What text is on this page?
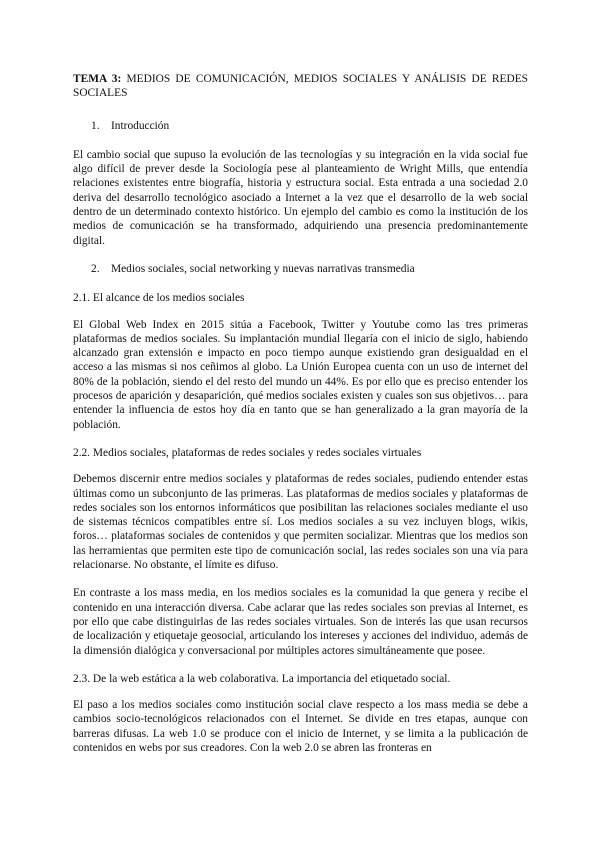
TEMA 3: MEDIOS DE COMUNICACIÓN, MEDIOS SOCIALES Y ANÁLISIS DE REDES SOCIALES
1.	Introducción

El cambio social que supuso la evolución de las tecnologías y su integración en la vida social fue algo difícil de prever desde la Sociología pese al planteamiento de Wright Mills, que entendía relaciones existentes entre biografía, historia y estructura social. Esta entrada a una sociedad 2.0 deriva del desarrollo tecnológico asociado a Internet a la vez que el desarrollo de la web social dentro de un determinado contexto histórico. Un ejemplo del cambio es como la institución de los medios de comunicación se ha transformado, adquiriendo una presencia predominantemente digital.

2.	Medios sociales, social networking y nuevas narrativas transmedia
2.1. El alcance de los medios sociales

El Global Web Index en 2015 sitúa a Facebook, Twitter y Youtube como las tres primeras plataformas de medios sociales. Su implantación mundial llegaría con el inicio de siglo, habiendo alcanzado gran extensión e impacto en poco tiempo aunque existiendo gran desigualdad en el acceso a las mismas si nos ceñimos al globo. La Unión Europea cuenta con un uso de internet del 80% de la población, siendo el del resto del mundo un 44%. Es por ello que es preciso entender los procesos de aparición y desaparición, qué medios sociales existen y cuales son sus objetivos… para entender la influencia de estos hoy día en tanto que se han generalizado a la gran mayoría de la población.

2.2. Medios sociales, plataformas de redes sociales y redes sociales virtuales

Debemos discernir entre medios sociales y plataformas de redes sociales, pudiendo entender estas últimas como un subconjunto de las primeras. Las plataformas de medios sociales y plataformas de redes sociales son los entornos informáticos que posibilitan las relaciones sociales mediante el uso de sistemas técnicos compatibles entre sí. Los medios sociales a su vez incluyen blogs, wikis, foros… plataformas sociales de contenidos y que permiten socializar. Mientras que los medios son las herramientas que permiten este tipo de comunicación social, las redes sociales son una vía para relacionarse. No obstante, el límite es difuso.

En contraste a los mass media, en los medios sociales es la comunidad la que genera y recibe el contenido en una interacción diversa. Cabe aclarar que las redes sociales son previas al Internet, es por ello que cabe distinguirlas de las redes sociales virtuales. Son de interés las que usan recursos de localización y etiquetaje geosocial, articulando los intereses y acciones del individuo, además de la dimensión dialógica y conversacional por múltiples actores simultáneamente que posee.

2.3. De la web estática a la web colaborativa. La importancia del etiquetado social.

El paso a los medios sociales como institución social clave respecto a los mass media se debe a cambios socio-tecnológicos relacionados con el Internet. Se divide en tres etapas, aunque con barreras difusas. La web 1.0 se produce con el inicio de Internet, y se limita a la publicación de contenidos en webs por sus creadores. Con la web 2.0 se abren las fronteras en
